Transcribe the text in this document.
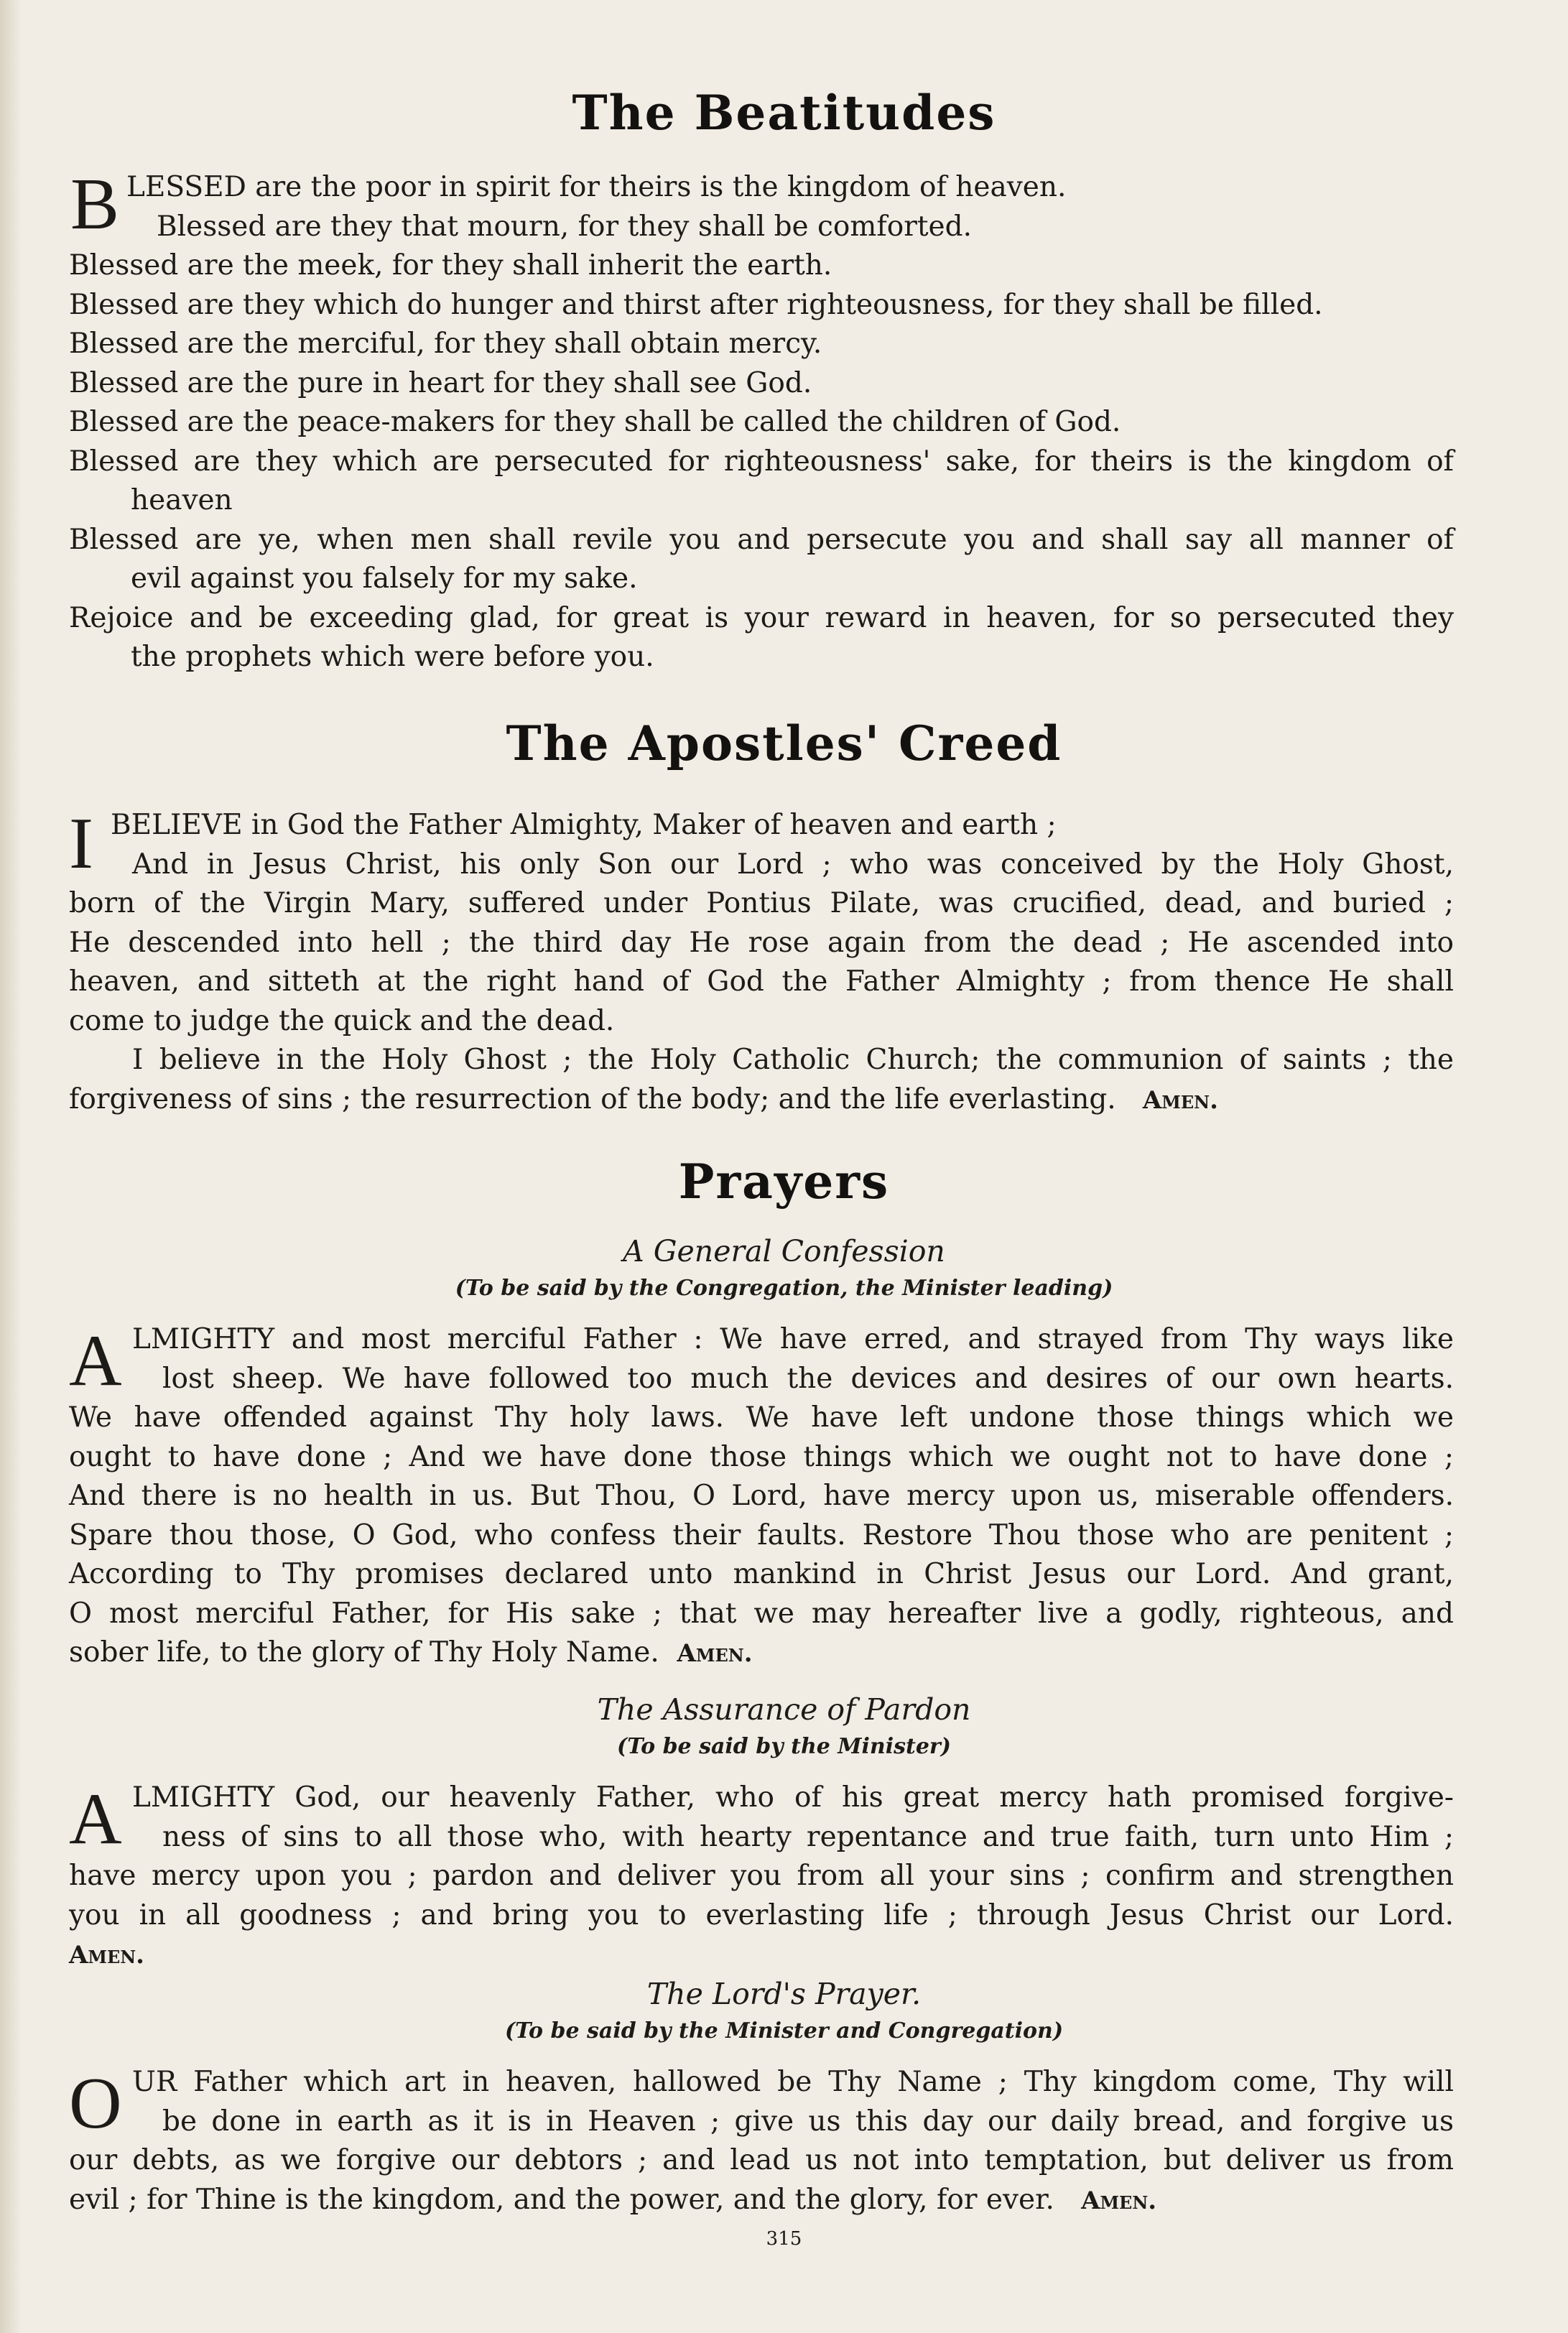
The Beatitudes
B LESSED are the poor in spirit for theirs is the kingdom of heaven.
Blessed are they that mourn, for they shall be comforted.
Blessed are the meek, for they shall inherit the earth.
Blessed are they which do hunger and thirst after righteousness, for they shall be filled.
Blessed are the merciful, for they shall obtain mercy.
Blessed are the pure in heart for they shall see God.
Blessed are the peace-makers for they shall be called the children of God.
Blessed are they which are persecuted for righteousness' sake, for theirs is the kingdom of
heaven
Blessed are ye, when men shall revile you and persecute you and shall say all manner of
evil against you falsely for my sake.
Rejoice and be exceeding glad, for great is your reward in heaven, for so persecuted they
the prophets which were before you.
The Apostles' Creed
I BELIEVE in God the Father Almighty, Maker of heaven and earth ;
And in Jesus Christ, his only Son our Lord ; who was conceived by the Holy Ghost,
born of the Virgin Mary, suffered under Pontius Pilate, was crucified, dead, and buried ;
He descended into hell ; the third day He rose again from the dead ; He ascended into
heaven, and sitteth at the right hand of God the Father Almighty ; from thence He shall
come to judge the quick and the dead.
I believe in the Holy Ghost ; the Holy Catholic Church; the communion of saints ; the
forgiveness of sins ; the resurrection of the body; and the life everlasting. Amen.
Prayers
A General Confession
(To be said by the Congregation, the Minister leading)
A LMIGHTY and most merciful Father : We have erred, and strayed from Thy ways like
lost sheep. We have followed too much the devices and desires of our own hearts.
We have offended against Thy holy laws. We have left undone those things which we
ought to have done ; And we have done those things which we ought not to have done ;
And there is no health in us. But Thou, O Lord, have mercy upon us, miserable offenders.
Spare thou those, O God, who confess their faults. Restore Thou those who are penitent ;
According to Thy promises declared unto mankind in Christ Jesus our Lord. And grant,
O most merciful Father, for His sake ; that we may hereafter live a godly, righteous, and
sober life, to the glory of Thy Holy Name. Amen.
The Assurance of Pardon
(To be said by the Minister)
A LMIGHTY God, our heavenly Father, who of his great mercy hath promised forgive-
ness of sins to all those who, with hearty repentance and true faith, turn unto Him ;
have mercy upon you ; pardon and deliver you from all your sins ; confirm and strengthen
you in all goodness ; and bring you to everlasting life ; through Jesus Christ our Lord.
Amen.
The Lord's Prayer.
(To be said by the Minister and Congregation)
O UR Father which art in heaven, hallowed be Thy Name ; Thy kingdom come, Thy will
be done in earth as it is in Heaven ; give us this day our daily bread, and forgive us
our debts, as we forgive our debtors ; and lead us not into temptation, but deliver us from
evil ; for Thine is the kingdom, and the power, and the glory, for ever. Amen.
315
